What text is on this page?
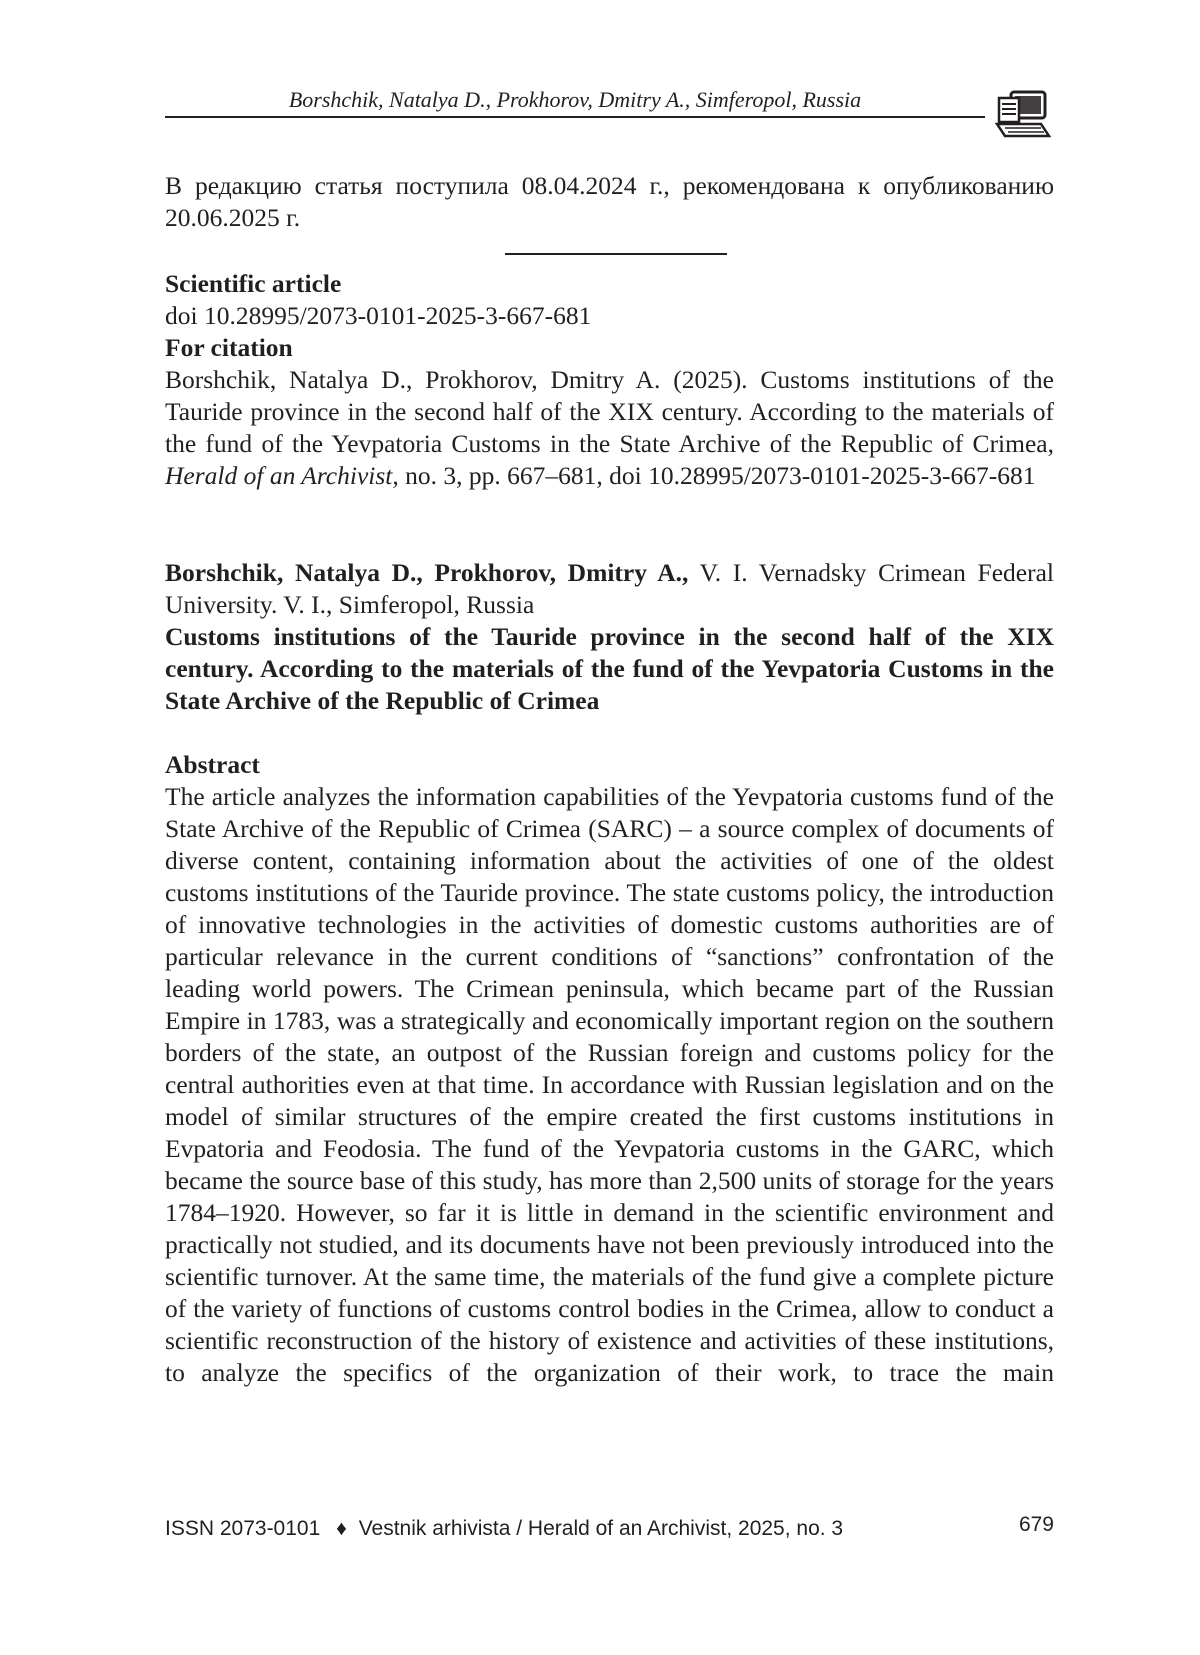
Borshchik, Natalya D., Prokhorov, Dmitry A., Simferopol, Russia

В редакцию статья поступила 08.04.2024 г., рекомендована к опубликованию 20.06.2025 г.

Scientific article
doi 10.28995/2073-0101-2025-3-667-681
For citation
Borshchik, Natalya D., Prokhorov, Dmitry A. (2025). Customs institutions of the Tauride province in the second half of the XIX century. According to the materials of the fund of the Yevpatoria Customs in the State Archive of the Republic of Crimea, Herald of an Archivist, no. 3, pp. 667–681, doi 10.28995/2073-0101-2025-3-667-681

Borshchik, Natalya D., Prokhorov, Dmitry A., V. I. Vernadsky Crimean Federal University. V. I., Simferopol, Russia

Customs institutions of the Tauride province in the second half of the XIX century. According to the materials of the fund of the Yevpatoria Customs in the State Archive of the Republic of Crimea

Abstract

The article analyzes the information capabilities of the Yevpatoria customs fund of the State Archive of the Republic of Crimea (SARC) – a source complex of documents of diverse content, containing information about the activities of one of the oldest customs institutions of the Tauride province. The state customs policy, the introduction of innovative technologies in the activities of domestic customs authorities are of particular relevance in the current conditions of “sanctions” confrontation of the leading world powers. The Crimean peninsula, which became part of the Russian Empire in 1783, was a strategically and economically important region on the southern borders of the state, an outpost of the Russian foreign and customs policy for the central authorities even at that time. In accordance with Russian legislation and on the model of similar structures of the empire created the first customs institutions in Evpatoria and Feodosia. The fund of the Yevpatoria customs in the GARC, which became the source base of this study, has more than 2,500 units of storage for the years 1784–1920. However, so far it is little in demand in the scientific environment and practically not studied, and its documents have not been previously introduced into the scientific turnover. At the same time, the materials of the fund give a complete picture of the variety of functions of customs control bodies in the Crimea, allow to conduct a scientific reconstruction of the history of existence and activities of these institutions, to analyze the specifics of the organization of their work, to trace the main

ISSN 2073-0101 ♦ Vestnik arhivista / Herald of an Archivist, 2025, no. 3	679
